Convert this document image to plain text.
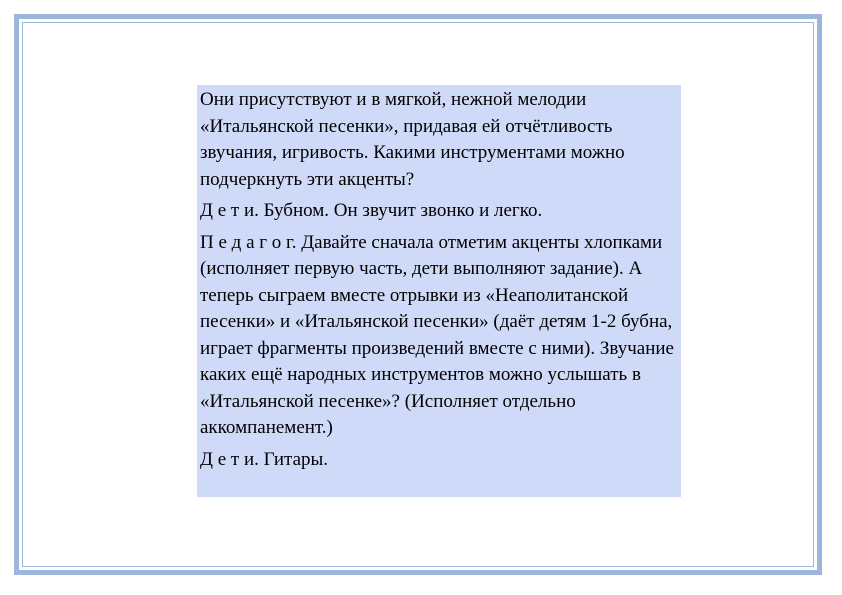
Они присутствуют и в мягкой, нежной мелодии «Итальянской песенки», придавая ей отчётливость звучания, игривость. Какими инструментами можно подчеркнуть эти акценты?

Д е т и. Бубном. Он звучит звонко и легко.

П е д а г о г. Давайте сначала отметим акценты хлопками (исполняет первую часть, дети выполняют задание). А теперь сыграем вместе отрывки из «Неаполитанской песенки» и «Итальянской песенки» (даёт детям 1-2 бубна, играет фрагменты произведений вместе с ними). Звучание каких ещё народных инструментов можно услышать в «Итальянской песенке»? (Исполняет отдельно аккомпанемент.)

Д е т и. Гитары.
